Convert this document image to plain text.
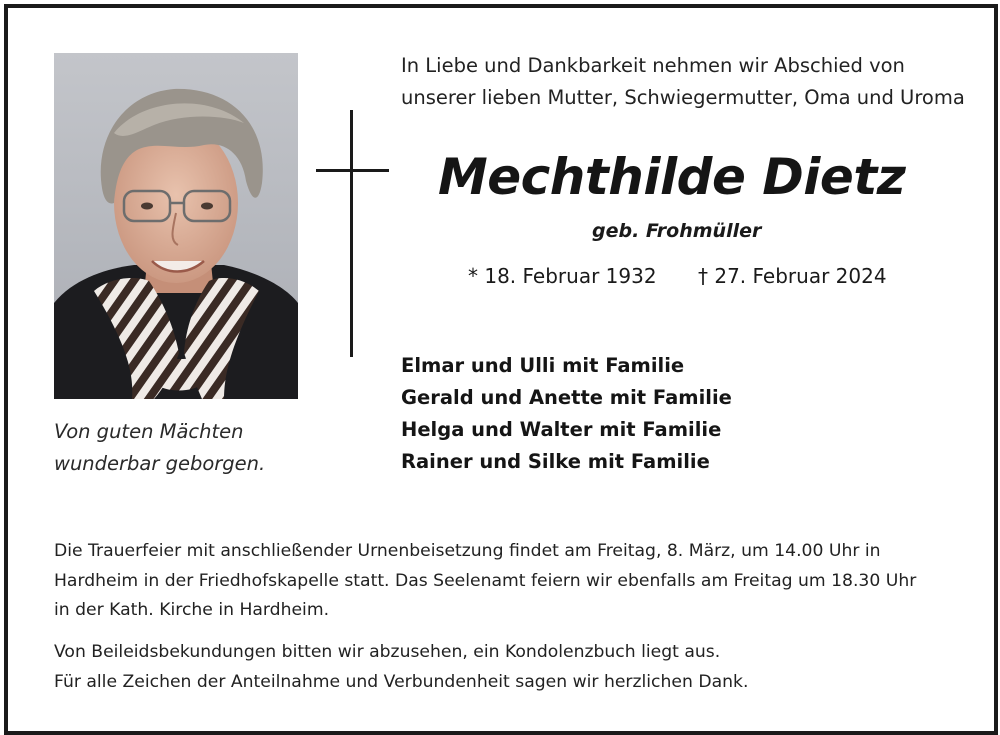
Von guten Mächten
wunderbar geborgen.
In Liebe und Dankbarkeit nehmen wir Abschied von
unserer lieben Mutter, Schwiegermutter, Oma und Uroma
Mechthilde Dietz
geb. Frohmüller
* 18. Februar 1932 † 27. Februar 2024
Elmar und Ulli mit Familie
Gerald und Anette mit Familie
Helga und Walter mit Familie
Rainer und Silke mit Familie
Die Trauerfeier mit anschließender Urnenbeisetzung findet am Freitag, 8. März, um 14.00 Uhr in
Hardheim in der Friedhofskapelle statt. Das Seelenamt feiern wir ebenfalls am Freitag um 18.30 Uhr
in der Kath. Kirche in Hardheim.
Von Beileidsbekundungen bitten wir abzusehen, ein Kondolenzbuch liegt aus.
Für alle Zeichen der Anteilnahme und Verbundenheit sagen wir herzlichen Dank.
